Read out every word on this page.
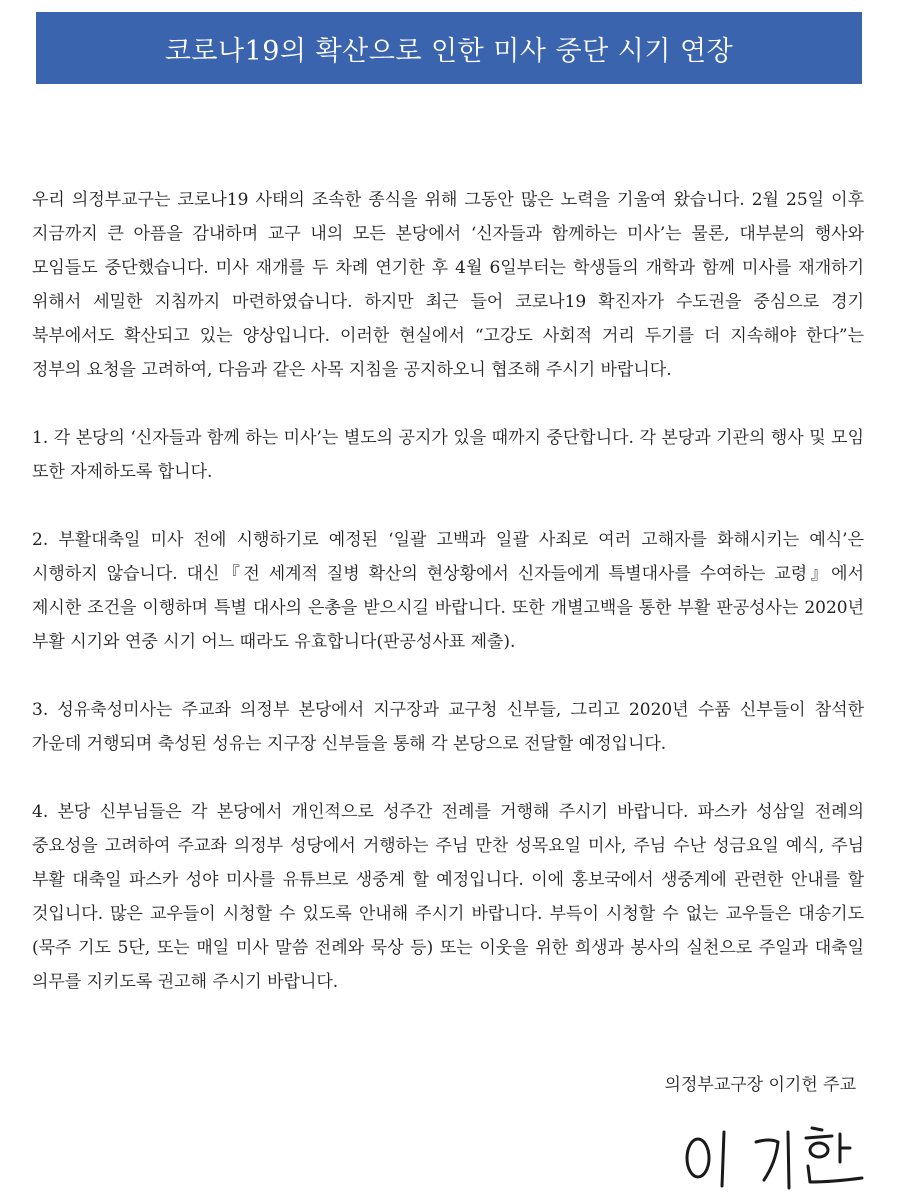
코로나19의 확산으로 인한 미사 중단 시기 연장

우리 의정부교구는 코로나19 사태의 조속한 종식을 위해 그동안 많은 노력을 기울여 왔습니다. 2월 25일 이후 지금까지 큰 아픔을 감내하며 교구 내의 모든 본당에서 ‘신자들과 함께하는 미사’는 물론, 대부분의 행사와 모임들도 중단했습니다. 미사 재개를 두 차례 연기한 후 4월 6일부터는 학생들의 개학과 함께 미사를 재개하기 위해서 세밀한 지침까지 마련하였습니다. 하지만 최근 들어 코로나19 확진자가 수도권을 중심으로 경기 북부에서도 확산되고 있는 양상입니다. 이러한 현실에서 “고강도 사회적 거리 두기를 더 지속해야 한다”는 정부의 요청을 고려하여, 다음과 같은 사목 지침을 공지하오니 협조해 주시기 바랍니다.

1. 각 본당의 ‘신자들과 함께 하는 미사’는 별도의 공지가 있을 때까지 중단합니다. 각 본당과 기관의 행사 및 모임 또한 자제하도록 합니다.

2. 부활대축일 미사 전에 시행하기로 예정된 ‘일괄 고백과 일괄 사죄로 여러 고해자를 화해시키는 예식’은 시행하지 않습니다. 대신『전 세계적 질병 확산의 현상황에서 신자들에게 특별대사를 수여하는 교령』에서 제시한 조건을 이행하며 특별 대사의 은총을 받으시길 바랍니다. 또한 개별고백을 통한 부활 판공성사는 2020년 부활 시기와 연중 시기 어느 때라도 유효합니다(판공성사표 제출).

3. 성유축성미사는 주교좌 의정부 본당에서 지구장과 교구청 신부들, 그리고 2020년 수품 신부들이 참석한 가운데 거행되며 축성된 성유는 지구장 신부들을 통해 각 본당으로 전달할 예정입니다.

4. 본당 신부님들은 각 본당에서 개인적으로 성주간 전례를 거행해 주시기 바랍니다. 파스카 성삼일 전례의 중요성을 고려하여 주교좌 의정부 성당에서 거행하는 주님 만찬 성목요일 미사, 주님 수난 성금요일 예식, 주님 부활 대축일 파스카 성야 미사를 유튜브로 생중계 할 예정입니다. 이에 홍보국에서 생중계에 관련한 안내를 할 것입니다. 많은 교우들이 시청할 수 있도록 안내해 주시기 바랍니다. 부득이 시청할 수 없는 교우들은 대송기도(묵주 기도 5단, 또는 매일 미사 말씀 전례와 묵상 등) 또는 이웃을 위한 희생과 봉사의 실천으로 주일과 대축일 의무를 지키도록 권고해 주시기 바랍니다.

의정부교구장 이기헌 주교
